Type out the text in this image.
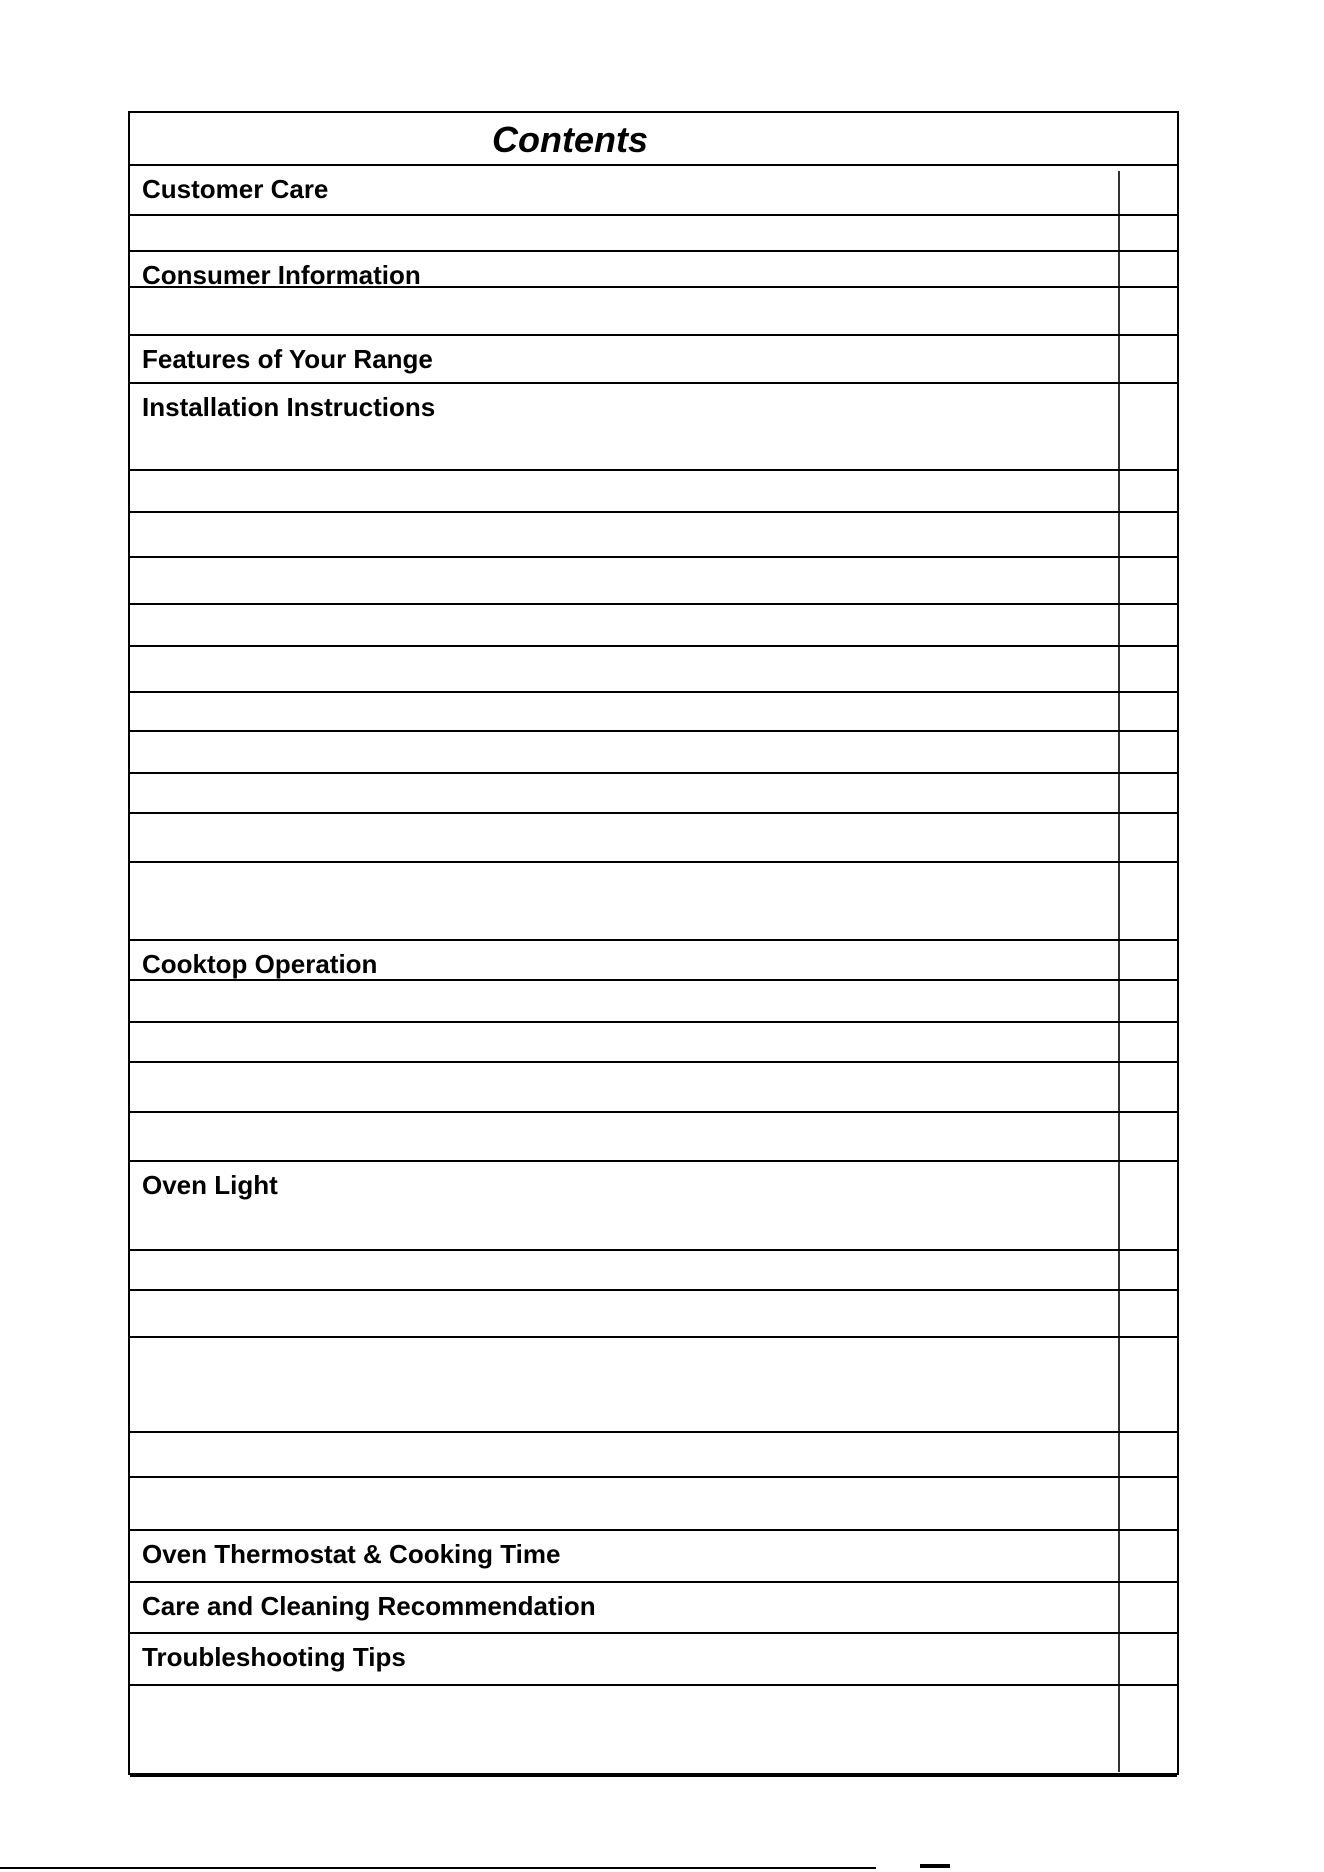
Contents
Customer Care
Consumer Information
Features of Your Range
Installation Instructions
Cooktop Operation
Oven Light
Oven Thermostat & Cooking Time
Care and Cleaning Recommendation
Troubleshooting Tips
